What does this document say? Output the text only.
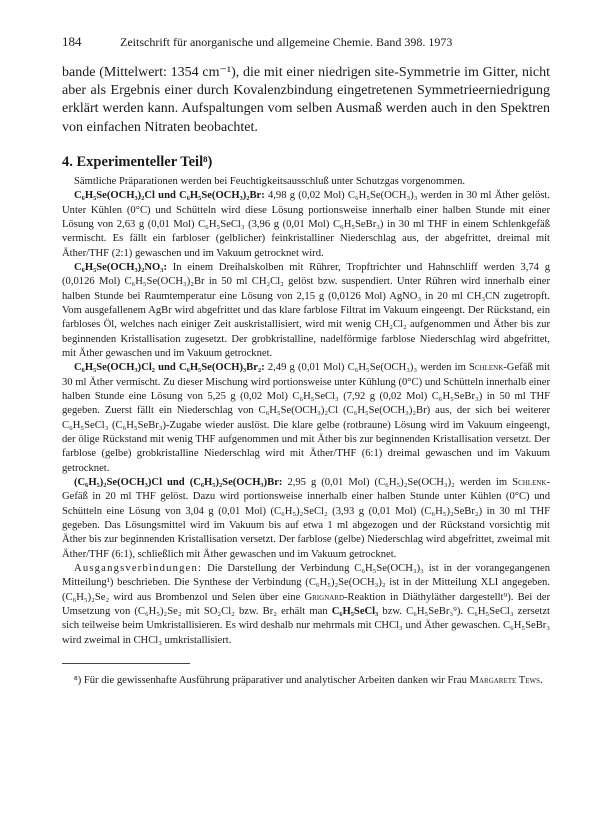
184	Zeitschrift für anorganische und allgemeine Chemie. Band 398. 1973

bande (Mittelwert: 1354 cm⁻¹), die mit einer niedrigen site-Symmetrie im Gitter, nicht aber als Ergebnis einer durch Kovalenzbindung eingetretenen Symmetrieerniedrigung erklärt werden kann. Aufspaltungen vom selben Ausmaß werden auch in den Spektren von einfachen Nitraten beobachtet.

4. Experimenteller Teil⁸)

Sämtliche Präparationen werden bei Feuchtigkeitsausschluß unter Schutzgas vorgenommen.

C₆H₅Se(OCH₃)₂Cl und C₆H₅Se(OCH₃)₂Br: 4,98 g (0,02 Mol) C₆H₅Se(OCH₃)₃ werden in 30 ml Äther gelöst. Unter Kühlen (0°C) und Schütteln wird diese Lösung portionsweise innerhalb einer halben Stunde mit einer Lösung von 2,63 g (0,01 Mol) C₆H₅SeCl₃ (3,96 g (0,01 Mol) C₆H₅SeBr₃) in 30 ml THF in einem Schlenkgefäß vermischt. Es fällt ein farbloser (gelblicher) feinkristalliner Niederschlag aus, der abgefrittet, dreimal mit Äther/THF (2:1) gewaschen und im Vakuum getrocknet wird.

C₆H₅Se(OCH₃)₂NO₃: In einem Dreihalskolben mit Rührer, Tropftrichter und Hahnschliff werden 3,74 g (0,0126 Mol) C₆H₅Se(OCH₃)₂Br in 50 ml CH₂Cl₂ gelöst bzw. suspendiert. Unter Rühren wird innerhalb einer halben Stunde bei Raumtemperatur eine Lösung von 2,15 g (0,0126 Mol) AgNO₃ in 20 ml CH₃CN zugetropft. Vom ausgefallenem AgBr wird abgefrittet und das klare farblose Filtrat im Vakuum eingeengt. Der Rückstand, ein farbloses Öl, welches nach einiger Zeit auskristallisiert, wird mit wenig CH₂Cl₂ aufgenommen und Äther bis zur beginnenden Kristallisation zugesetzt. Der grobkristalline, nadelförmige farblose Niederschlag wird abgefrittet, mit Äther gewaschen und im Vakuum getrocknet.

C₆H₅Se(OCH₃)Cl₂ und C₆H₅Se(OCH)₃Br₂: 2,49 g (0,01 Mol) C₆H₅Se(OCH₃)₃ werden im Schlenk-Gefäß mit 30 ml Äther vermischt. Zu dieser Mischung wird portionsweise unter Kühlung (0°C) und Schütteln innerhalb einer halben Stunde eine Lösung von 5,25 g (0,02 Mol) C₆H₅SeCl₃ (7,92 g (0,02 Mol) C₆H₅SeBr₃) in 50 ml THF gegeben. Zuerst fällt ein Niederschlag von C₆H₅Se(OCH₃)₂Cl (C₆H₅Se(OCH₃)₂Br) aus, der sich bei weiterer C₆H₅SeCl₃ (C₆H₅SeBr₃)-Zugabe wieder auslöst. Die klare gelbe (rotbraune) Lösung wird im Vakuum eingeengt, der ölige Rückstand mit wenig THF aufgenommen und mit Äther bis zur beginnenden Kristallisation versetzt. Der farblose (gelbe) grobkristalline Niederschlag wird mit Äther/THF (6:1) dreimal gewaschen und im Vakuum getrocknet.

(C₆H₅)₂Se(OCH₃)Cl und (C₆H₅)₂Se(OCH₃)Br: 2,95 g (0,01 Mol) (C₆H₅)₂Se(OCH₃)₂ werden im Schlenk-Gefäß in 20 ml THF gelöst. Dazu wird portionsweise innerhalb einer halben Stunde unter Kühlen (0°C) und Schütteln eine Lösung von 3,04 g (0,01 Mol) (C₆H₅)₂SeCl₂ (3,93 g (0,01 Mol) (C₆H₅)₂SeBr₂) in 30 ml THF gegeben. Das Lösungsmittel wird im Vakuum bis auf etwa 1 ml abgezogen und der Rückstand vorsichtig mit Äther bis zur beginnenden Kristallisation versetzt. Der farblose (gelbe) Niederschlag wird abgefrittet, zweimal mit Äther/THF (6:1), schließlich mit Äther gewaschen und im Vakuum getrocknet.

Ausgangsverbindungen: Die Darstellung der Verbindung C₆H₅Se(OCH₃)₃ ist in der vorangegangenen Mitteilung¹) beschrieben. Die Synthese der Verbindung (C₆H₅)₂Se(OCH₃)₂ ist in der Mitteilung XLI angegeben. (C₆H₅)₂Se₂ wird aus Brombenzol und Selen über eine Grignard-Reaktion in Diäthyläther dargestellt⁹). Bei der Umsetzung von (C₆H₅)₂Se₂ mit SO₂Cl₂ bzw. Br₂ erhält man C₆H₅SeCl₃ bzw. C₆H₅SeBr₃⁹). C₆H₅SeCl₃ zersetzt sich teilweise beim Umkristallisieren. Es wird deshalb nur mehrmals mit CHCl₃ und Äther gewaschen. C₆H₅SeBr₃ wird zweimal in CHCl₃ umkristallisiert.

⁸) Für die gewissenhafte Ausführung präparativer und analytischer Arbeiten danken wir Frau Margarete Tews.
